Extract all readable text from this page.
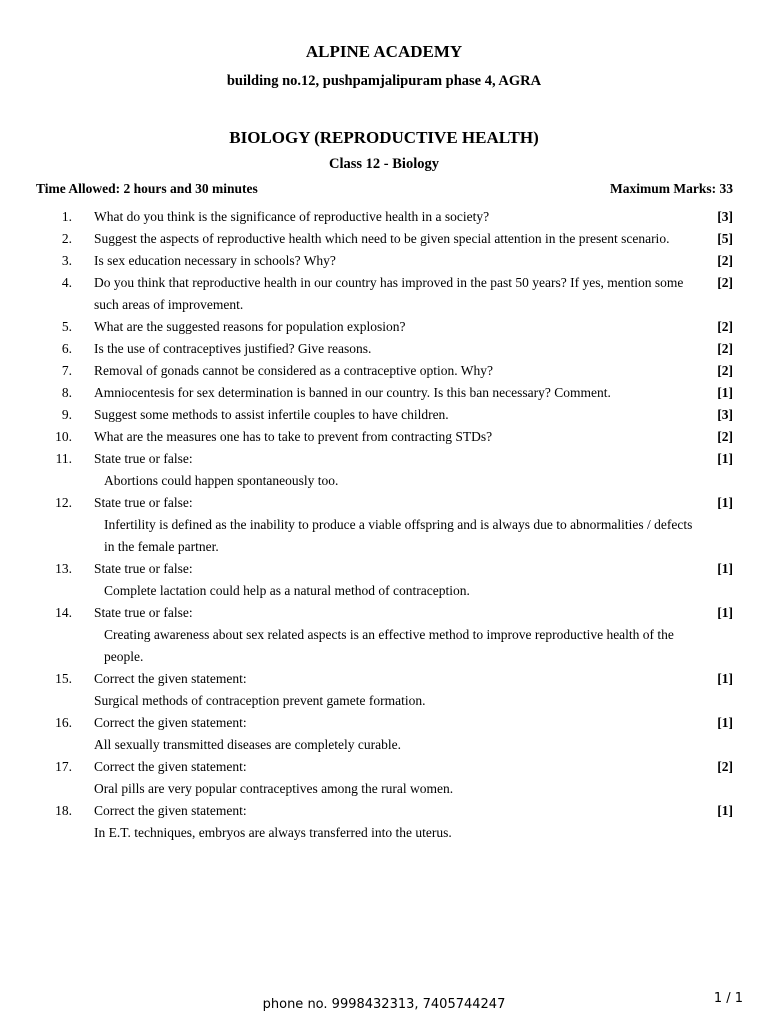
ALPINE ACADEMY
building no.12, pushpamjalipuram phase 4, AGRA
BIOLOGY (REPRODUCTIVE HEALTH)
Class 12 - Biology
Time Allowed: 2 hours and 30 minutes	Maximum Marks: 33
1. What do you think is the significance of reproductive health in a society?	[3]
2. Suggest the aspects of reproductive health which need to be given special attention in the present scenario.	[5]
3. Is sex education necessary in schools? Why?	[2]
4. Do you think that reproductive health in our country has improved in the past 50 years? If yes, mention some such areas of improvement.
[2]
5. What are the suggested reasons for population explosion?	[2]
6. Is the use of contraceptives justified? Give reasons.	[2]
7. Removal of gonads cannot be considered as a contraceptive option. Why?	[2]
8. Amniocentesis for sex determination is banned in our country. Is this ban necessary? Comment.	[1]
9. Suggest some methods to assist infertile couples to have children.	[3]
10. What are the measures one has to take to prevent from contracting STDs?	[2]
11. State true or false:
Abortions could happen spontaneously too.
[1]
12. State true or false:
Infertility is defined as the inability to produce a viable offspring and is always due to abnormalities / defects in the female partner.
[1]
13. State true or false:
Complete lactation could help as a natural method of contraception.
[1]
14. State true or false:
Creating awareness about sex related aspects is an effective method to improve reproductive health of the people.
[1]
15. Correct the given statement:
Surgical methods of contraception prevent gamete formation.
[1]
16. Correct the given statement:
All sexually transmitted diseases are completely curable.
[1]
17. Correct the given statement:
Oral pills are very popular contraceptives among the rural women.
[2]
18. Correct the given statement:
In E.T. techniques, embryos are always transferred into the uterus.
[1]
phone no. 9998432313, 7405744247	1 / 1
